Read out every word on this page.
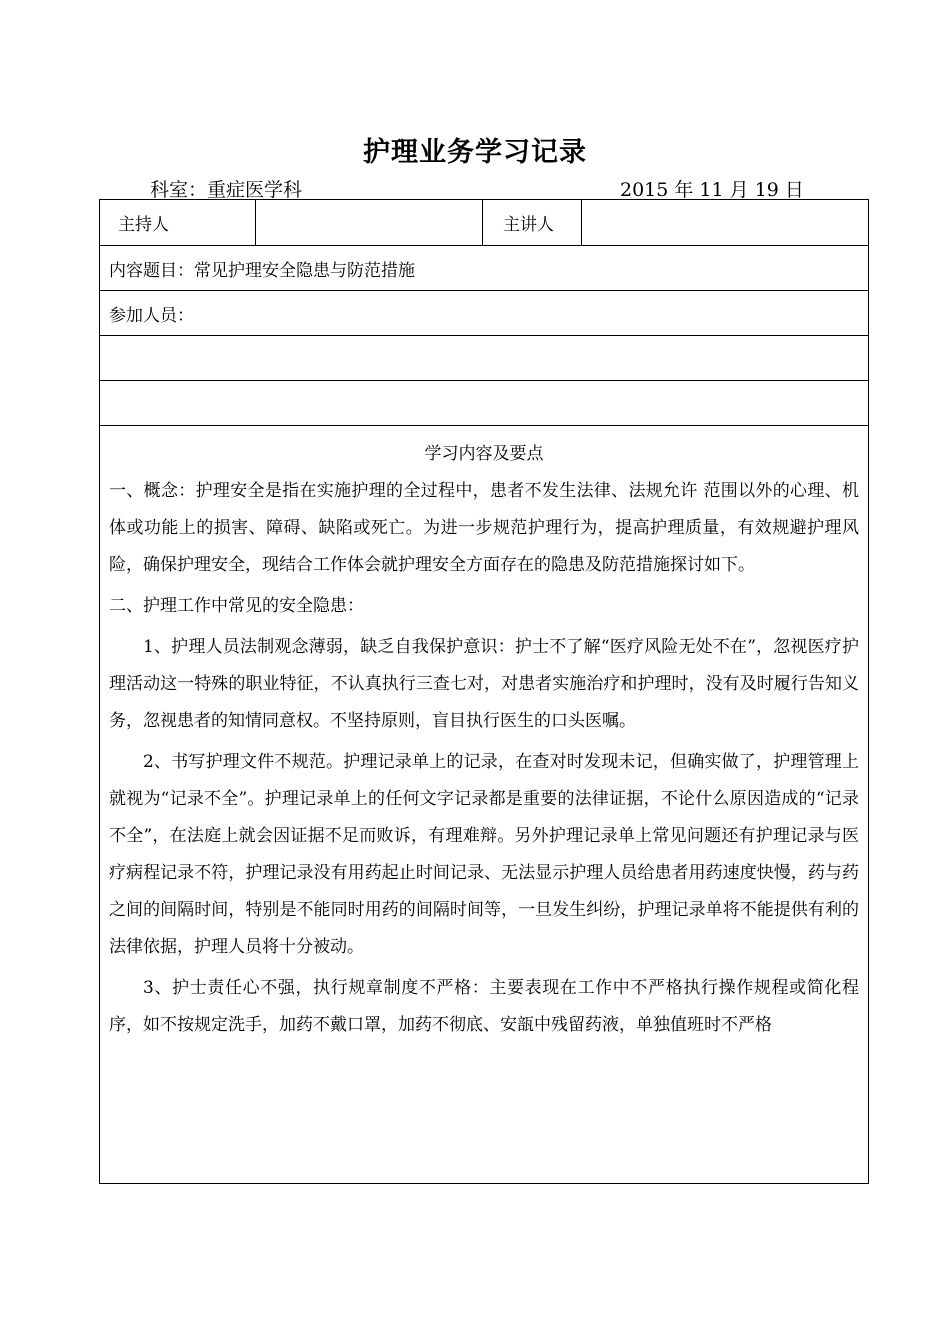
护理业务学习记录
科室：重症医学科	2015 年 11 月 19 日
主持人		主讲人	
内容题目：常见护理安全隐患与防范措施
参加人员：

学习内容及要点

一、概念：护理安全是指在实施护理的全过程中，患者不发生法律、法规允许 范围以外的心理、机体或功能上的损害、障碍、缺陷或死亡。为进一步规范护理行为，提高护理质量，有效规避护理风险，确保护理安全，现结合工作体会就护理安全方面存在的隐患及防范措施探讨如下。

二、护理工作中常见的安全隐患：

1、护理人员法制观念薄弱，缺乏自我保护意识：护士不了解“医疗风险无处不在”，忽视医疗护理活动这一特殊的职业特征，不认真执行三查七对，对患者实施治疗和护理时，没有及时履行告知义务，忽视患者的知情同意权。不坚持原则，盲目执行医生的口头医嘱。

2、书写护理文件不规范。护理记录单上的记录，在查对时发现未记，但确实做了，护理管理上就视为“记录不全”。护理记录单上的任何文字记录都是重要的法律证据，不论什么原因造成的“记录不全”，在法庭上就会因证据不足而败诉，有理难辩。另外护理记录单上常见问题还有护理记录与医疗病程记录不符，护理记录没有用药起止时间记录、无法显示护理人员给患者用药速度快慢，药与药之间的间隔时间，特别是不能同时用药的间隔时间等，一旦发生纠纷，护理记录单将不能提供有利的法律依据，护理人员将十分被动。

3、护士责任心不强，执行规章制度不严格：主要表现在工作中不严格执行操作规程或简化程序，如不按规定洗手，加药不戴口罩，加药不彻底、安瓿中残留药液，单独值班时不严格
